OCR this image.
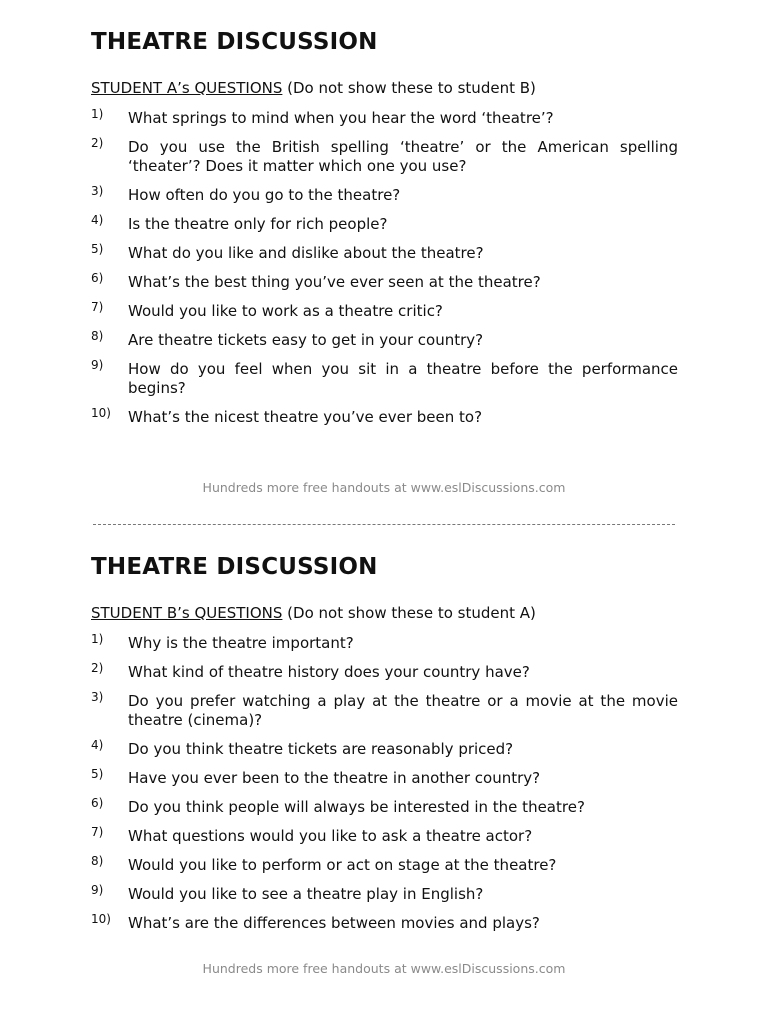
THEATRE DISCUSSION
STUDENT A’s QUESTIONS (Do not show these to student B)
1)	What springs to mind when you hear the word ‘theatre’?
2)	Do you use the British spelling ‘theatre’ or the American spelling ‘theater’? Does it matter which one you use?
3)	How often do you go to the theatre?
4)	Is the theatre only for rich people?
5)	What do you like and dislike about the theatre?
6)	What’s the best thing you’ve ever seen at the theatre?
7)	Would you like to work as a theatre critic?
8)	Are theatre tickets easy to get in your country?
9)	How do you feel when you sit in a theatre before the performance begins?
10)	What’s the nicest theatre you’ve ever been to?
Hundreds more free handouts at www.eslDiscussions.com
THEATRE DISCUSSION
STUDENT B’s QUESTIONS (Do not show these to student A)
1)	Why is the theatre important?
2)	What kind of theatre history does your country have?
3)	Do you prefer watching a play at the theatre or a movie at the movie theatre (cinema)?
4)	Do you think theatre tickets are reasonably priced?
5)	Have you ever been to the theatre in another country?
6)	Do you think people will always be interested in the theatre?
7)	What questions would you like to ask a theatre actor?
8)	Would you like to perform or act on stage at the theatre?
9)	Would you like to see a theatre play in English?
10)	What’s are the differences between movies and plays?
Hundreds more free handouts at www.eslDiscussions.com
